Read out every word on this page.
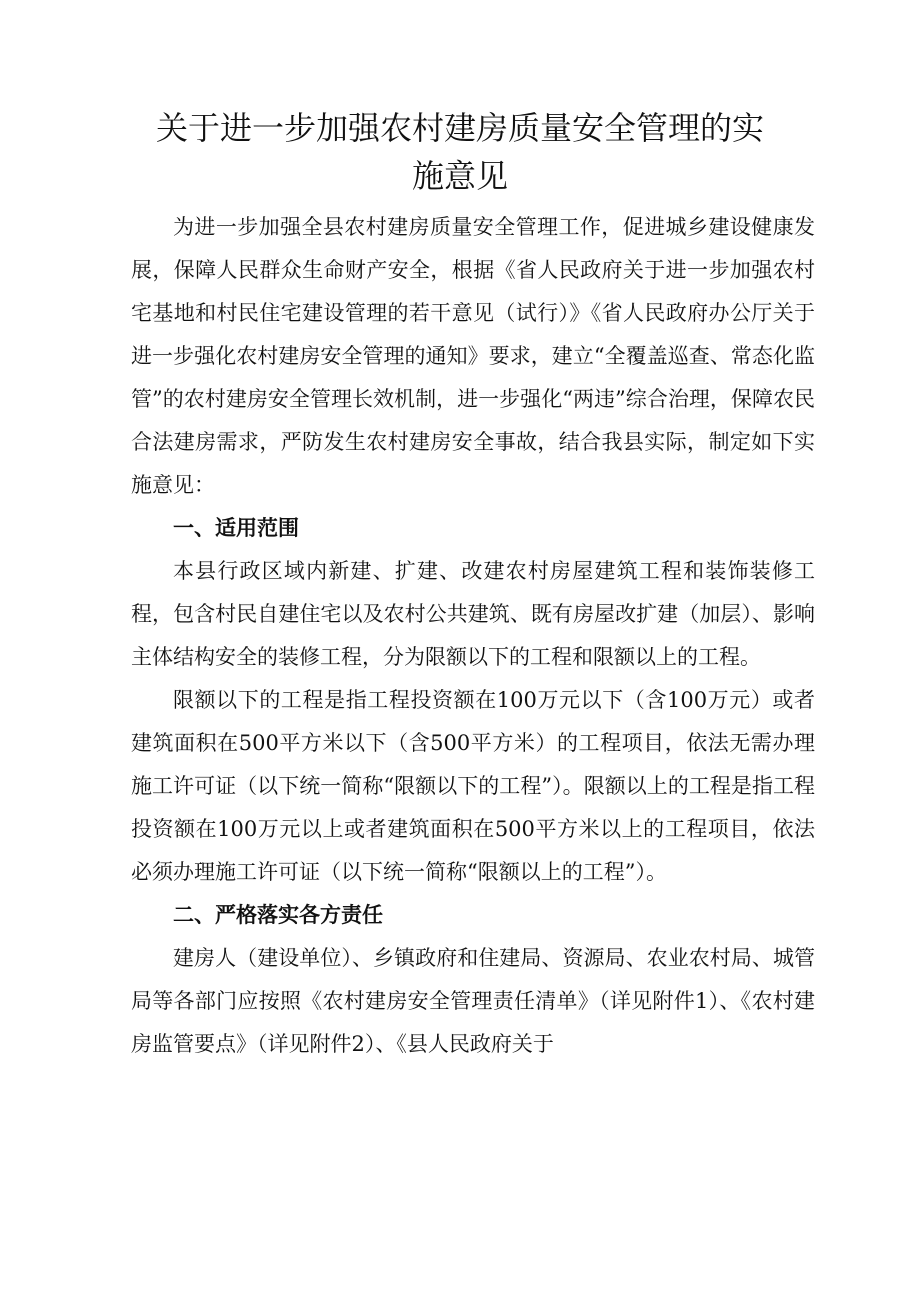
关于进一步加强农村建房质量安全管理的实
施意见

为进一步加强全县农村建房质量安全管理工作，促进城乡建设健康发展，保障人民群众生命财产安全，根据《省人民政府关于进一步加强农村宅基地和村民住宅建设管理的若干意见（试行）》《省人民政府办公厅关于进一步强化农村建房安全管理的通知》要求，建立“全覆盖巡查、常态化监管”的农村建房安全管理长效机制，进一步强化“两违”综合治理，保障农民合法建房需求，严防发生农村建房安全事故，结合我县实际，制定如下实施意见：

一、适用范围

本县行政区域内新建、扩建、改建农村房屋建筑工程和装饰装修工程，包含村民自建住宅以及农村公共建筑、既有房屋改扩建（加层）、影响主体结构安全的装修工程，分为限额以下的工程和限额以上的工程。

限额以下的工程是指工程投资额在100万元以下（含100万元）或者建筑面积在500平方米以下（含500平方米）的工程项目，依法无需办理施工许可证（以下统一简称“限额以下的工程”）。限额以上的工程是指工程投资额在100万元以上或者建筑面积在500平方米以上的工程项目，依法必须办理施工许可证（以下统一简称“限额以上的工程”）。

二、严格落实各方责任

建房人（建设单位）、乡镇政府和住建局、资源局、农业农村局、城管局等各部门应按照《农村建房安全管理责任清单》（详见附件1）、《农村建房监管要点》（详见附件2）、《县人民政府关于
